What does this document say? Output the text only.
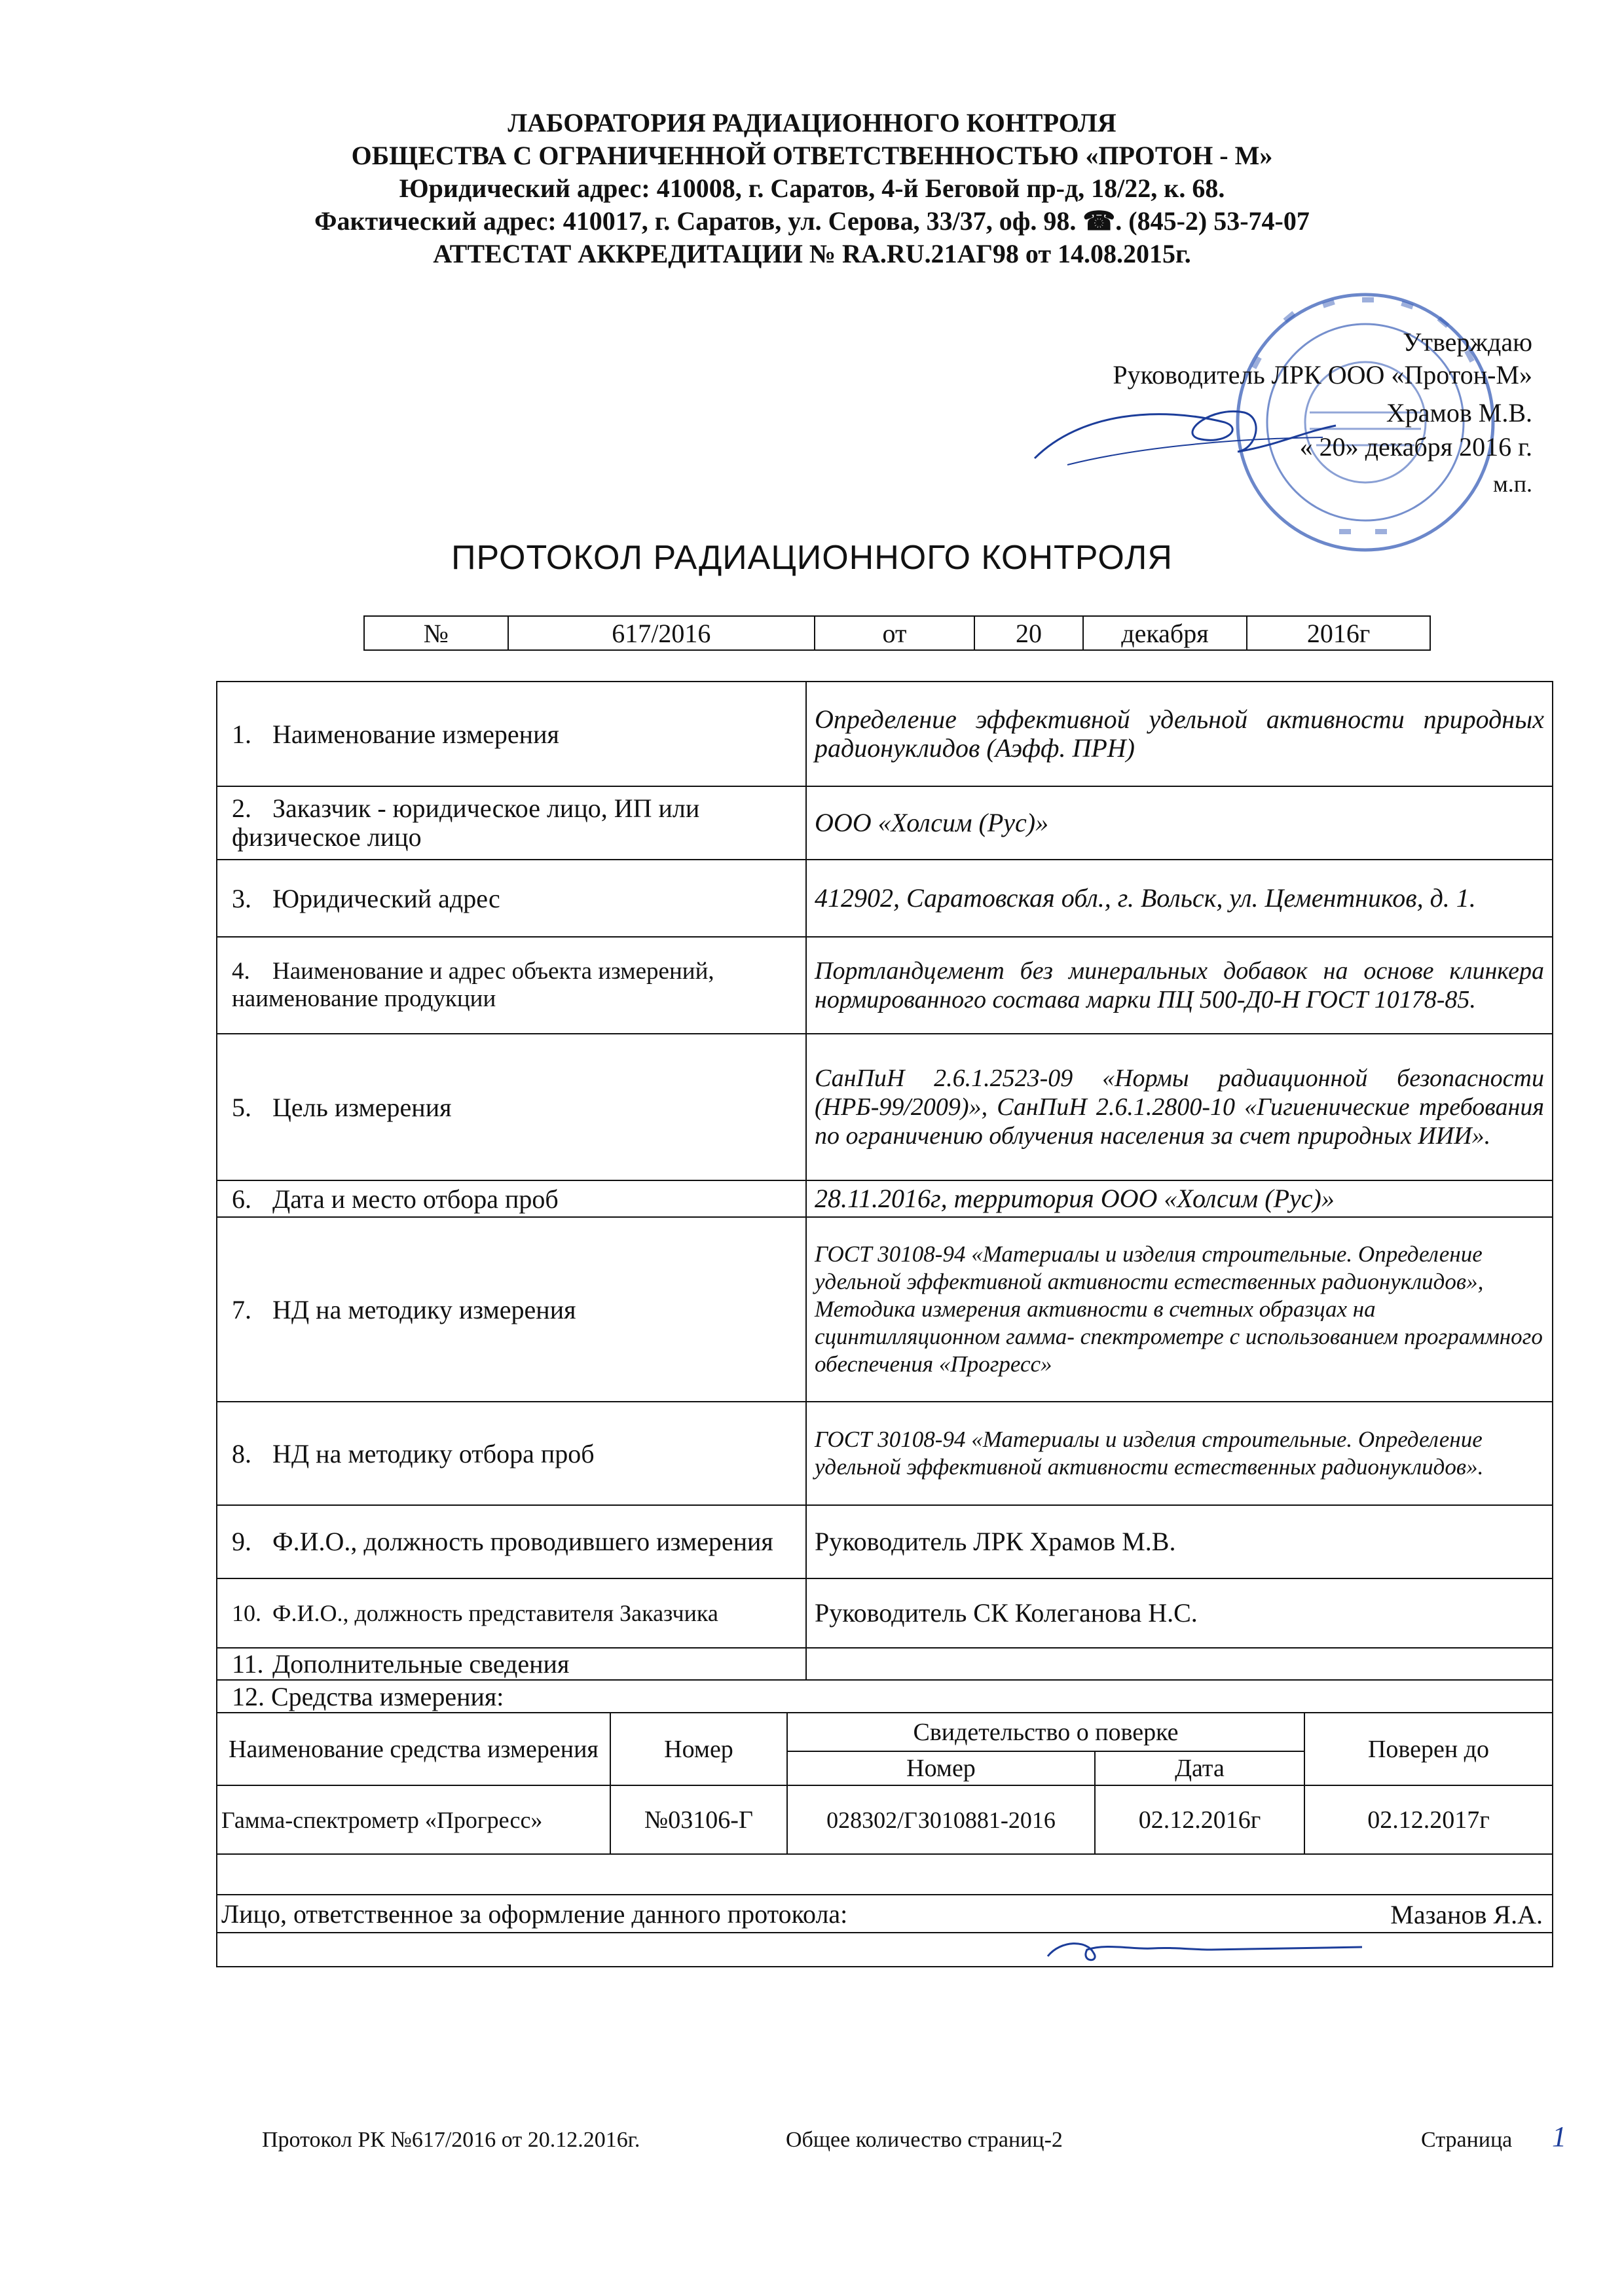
ЛАБОРАТОРИЯ РАДИАЦИОННОГО КОНТРОЛЯ
ОБЩЕСТВА С ОГРАНИЧЕННОЙ ОТВЕТСТВЕННОСТЬЮ «ПРОТОН - М»
Юридический адрес: 410008, г. Саратов, 4-й Беговой пр-д, 18/22, к. 68.
Фактический адрес: 410017, г. Саратов, ул. Серова, 33/37, оф. 98. ☎. (845-2) 53-74-07
АТТЕСТАТ АККРЕДИТАЦИИ № RA.RU.21АГ98 от 14.08.2015г.
Утверждаю
Руководитель ЛРК ООО «Протон-М»
Храмов М.В.
« 20» декабря 2016 г.
м.п.
ПРОТОКОЛ РАДИАЦИОННОГО КОНТРОЛЯ
№	617/2016	от	20	декабря	2016г
1. Наименование измерения	Определение эффективной удельной активности природных радионуклидов (Аэфф. ПРН)
2. Заказчик - юридическое лицо, ИП или физическое лицо	ООО «Холсим (Рус)»
3. Юридический адрес	412902, Саратовская обл., г. Вольск, ул. Цементников, д. 1.
4. Наименование и адрес объекта измерений, наименование продукции	Портландцемент без минеральных добавок на основе клинкера нормированного состава марки ПЦ 500-Д0-Н ГОСТ 10178-85.
5. Цель измерения	СанПиН 2.6.1.2523-09 «Нормы радиационной безопасности (НРБ-99/2009)», СанПиН 2.6.1.2800-10 «Гигиенические требования по ограничению облучения населения за счет природных ИИИ».
6. Дата и место отбора проб	28.11.2016г, территория ООО «Холсим (Рус)»
7. НД на методику измерения	ГОСТ 30108-94 «Материалы и изделия строительные. Определение удельной эффективной активности естественных радионуклидов», Методика измерения активности в счетных образцах на сцинтилляционном гамма- спектрометре с использованием программного обеспечения «Прогресс»
8. НД на методику отбора проб	ГОСТ 30108-94 «Материалы и изделия строительные. Определение удельной эффективной активности естественных радионуклидов».
9. Ф.И.О., должность проводившего измерения	Руководитель ЛРК Храмов М.В.
10. Ф.И.О., должность представителя Заказчика	Руководитель СК Колеганова Н.С.
11. Дополнительные сведения	
12. Средства измерения:

Наименование средства измерения	Номер	Свидетельство о поверке	Поверен до
Номер	Дата
Гамма-спектрометр «Прогресс»	№03106-Г	028302/ГЗ010881-2016	02.12.2016г	02.12.2017г

Лицо, ответственное за оформление данного протокола:	Мазанов Я.А.

Протокол РК №617/2016 от 20.12.2016г.	Общее количество страниц-2	Страница 1
